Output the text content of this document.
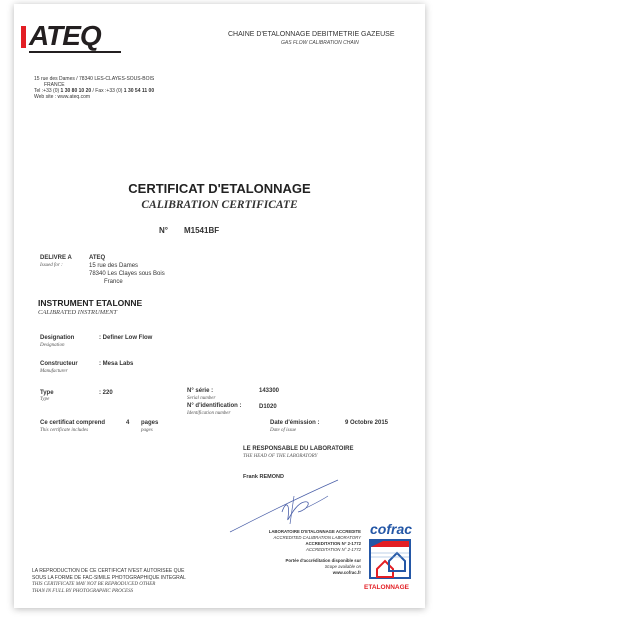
ATEQ	CHAINE D'ETALONNAGE DEBITMETRIE GAZEUSE
GAS FLOW CALIBRATION CHAIN
15 rue des Dames / 78340 LES-CLAYES-SOUS-BOIS
FRANCE
Tel :+33 (0) 1 30 80 10 20 / Fax :+33 (0) 1 30 54 11 00
Web site : www.ateq.com
CERTIFICAT D'ETALONNAGE
CALIBRATION CERTIFICATE
N° M1541BF
DELIVRE A
Issued for :
ATEQ
15 rue des Dames
78340 Les Clayes sous Bois
France
INSTRUMENT ETALONNE
CALIBRATED INSTRUMENT
Designation
Designation
: Definer Low Flow
Constructeur
Manufacturer
: Mesa Labs
Type
Type
: 220	N° série :
Serial number
143300
N° d'identification :
Identification number
D1020
Ce certificat comprend
This certificate includes
4 pages
pages
Date d'émission :
Date of issue
9 Octobre 2015
LE RESPONSABLE DU LABORATOIRE
THE HEAD OF THE LABORATORY
Frank REMOND
LABORATOIRE D'ETALONNAGE ACCREDITE
ACCREDITED CALIBRATION LABORATORY
ACCREDITATION N° 2-1772
ACCREDITATION N° 2-1772
Portée d'accréditation disponible sur
Scope available on
www.cofrac.fr
cofrac
ETALONNAGE
LA REPRODUCTION DE CE CERTIFICAT N'EST AUTORISEE QUE
SOUS LA FORME DE FAC-SIMILE PHOTOGRAPHIQUE INTEGRAL
THIS CERTIFICATE MAY NOT BE REPRODUCED OTHER
THAN IN FULL BY PHOTOGRAPHIC PROCESS
